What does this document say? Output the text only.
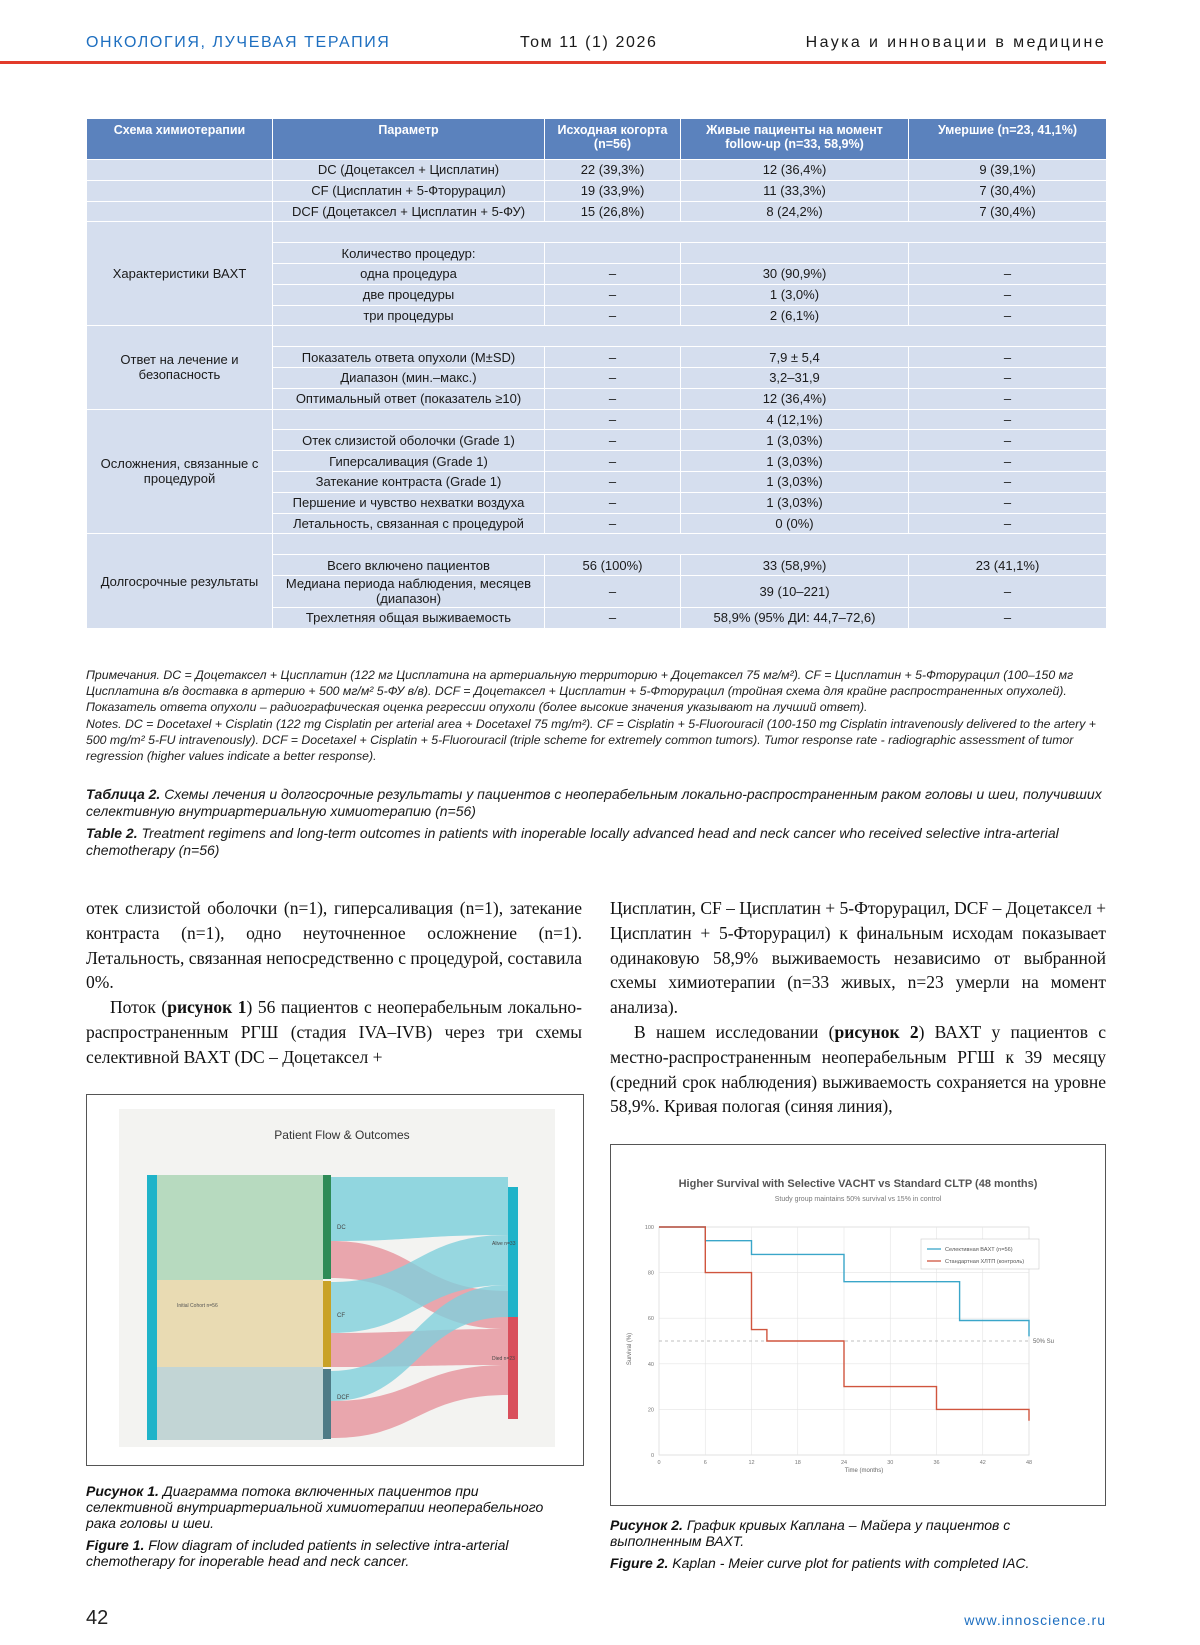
ОНКОЛОГИЯ, ЛУЧЕВАЯ ТЕРАПИЯ	Том 11 (1) 2026	Наука и инновации в медицине
Схема химиотерапии	Параметр	Исходная когорта (n=56)	Живые пациенты на момент follow-up (n=33, 58,9%)	Умершие (n=23, 41,1%)
	DC (Доцетаксел + Цисплатин)	22 (39,3%)	12 (36,4%)	9 (39,1%)
	CF (Цисплатин + 5-Фторурацил)	19 (33,9%)	11 (33,3%)	7 (30,4%)
	DCF (Доцетаксел + Цисплатин + 5-ФУ)	15 (26,8%)	8 (24,2%)	7 (30,4%)
Характеристики ВАХТ				
	Количество процедур:			
	одна процедура	–	30 (90,9%)	–
	две процедуры	–	1 (3,0%)	–
	три процедуры	–	2 (6,1%)	–
Ответ на лечение и безопасность				
	Показатель ответа опухоли (M±SD)	–	7,9 ± 5,4	–
	Диапазон (мин.–макс.)	–	3,2–31,9	–
	Оптимальный ответ (показатель ≥10)	–	12 (36,4%)	–
Осложнения, связанные с процедурой		–	4 (12,1%)	–
	Отек слизистой оболочки (Grade 1)	–	1 (3,03%)	–
	Гиперсаливация (Grade 1)	–	1 (3,03%)	–
	Затекание контраста (Grade 1)	–	1 (3,03%)	–
	Першение и чувство нехватки воздуха	–	1 (3,03%)	–
	Летальность, связанная с процедурой	–	0 (0%)	–
Долгосрочные результаты				
	Всего включено пациентов	56 (100%)	33 (58,9%)	23 (41,1%)
	Медиана периода наблюдения, месяцев (диапазон)	–	39 (10–221)	–
	Трехлетняя общая выживаемость	–	58,9% (95% ДИ: 44,7–72,6)	–
Примечания. DC = Доцетаксел + Цисплатин (122 мг Цисплатина на артериальную территорию + Доцетаксел 75 мг/м²). CF = Цисплатин + 5-Фторурацил (100–150 мг Цисплатина в/в доставка в артерию + 500 мг/м² 5-ФУ в/в). DCF = Доцетаксел + Цисплатин + 5-Фторурацил (тройная схема для крайне распространенных опухолей). Показатель ответа опухоли – радиографическая оценка регрессии опухоли (более высокие значения указывают на лучший ответ).
Notes. DC = Docetaxel + Cisplatin (122 mg Cisplatin per arterial area + Docetaxel 75 mg/m²). CF = Cisplatin + 5-Fluorouracil (100-150 mg Cisplatin intravenously delivered to the artery + 500 mg/m² 5-FU intravenously). DCF = Docetaxel + Cisplatin + 5-Fluorouracil (triple scheme for extremely common tumors). Tumor response rate - radiographic assessment of tumor regression (higher values indicate a better response).
Таблица 2. Схемы лечения и долгосрочные результаты у пациентов с неоперабельным локально-распространенным раком головы и шеи, получивших селективную внутриартериальную химиотерапию (n=56)
Table 2. Treatment regimens and long-term outcomes in patients with inoperable locally advanced head and neck cancer who received selective intra-arterial chemotherapy (n=56)

отек слизистой оболочки (n=1), гиперсаливация (n=1), затекание контраста (n=1), одно неуточненное осложнение (n=1). Летальность, связанная непосредственно с процедурой, составила 0%.

Поток (рисунок 1) 56 пациентов с неоперабельным локально-распространенным РГШ (стадия IVA–IVB) через три схемы селективной ВАХТ (DC – Доцетаксел +

Цисплатин, CF – Цисплатин + 5-Фторурацил, DCF – Доцетаксел + Цисплатин + 5-Фторурацил) к финальным исходам показывает одинаковую 58,9% выживаемость независимо от выбранной схемы химиотерапии (n=33 живых, n=23 умерли на момент анализа).

В нашем исследовании (рисунок 2) ВАХТ у пациентов с местно-распространенным неоперабельным РГШ к 39 месяцу (средний срок наблюдения) выживаемость сохраняется на уровне 58,9%. Кривая пологая (синяя линия),

Patient Flow & Outcomes
Initial Cohort n=56
DC
CF
DCF
Alive n=33
Died n=23
Рисунок 1. Диаграмма потока включенных пациентов при селективной внутриартериальной химиотерапии неоперабельного рака головы и шеи.
Figure 1. Flow diagram of included patients in selective intra-arterial chemotherapy for inoperable head and neck cancer.
Higher Survival with Selective VACHT vs Standard CLTP (48 months)
Study group maintains 50% survival vs 15% in control
Survival (%)
Time (months)
0
20
40
60
80
100
0	6	12	18	24	30	36	42	48
Селективная ВАХТ (n=56)
Стандартная ХЛТП (контроль)
50% Su
Рисунок 2. График кривых Каплана – Майера у пациентов с выполненным ВАХТ.
Figure 2. Kaplan - Meier curve plot for patients with completed IAC.
42	www.innoscience.ru
